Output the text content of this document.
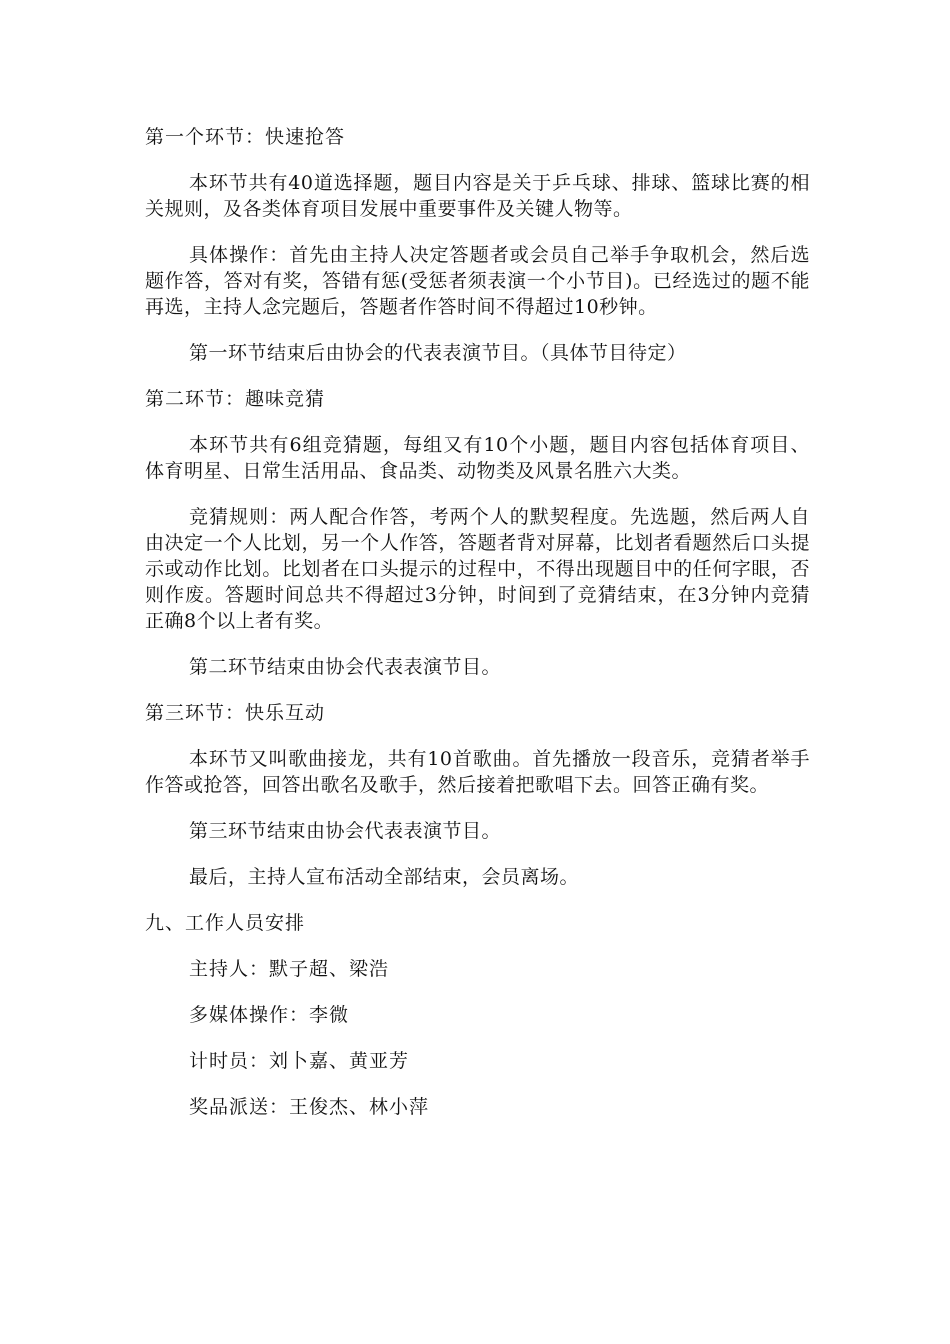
第一个环节：快速抢答
本环节共有40道选择题，题目内容是关于乒乓球、排球、篮球比赛的相关规则，及各类体育项目发展中重要事件及关键人物等。
具体操作：首先由主持人决定答题者或会员自己举手争取机会，然后选题作答，答对有奖，答错有惩(受惩者须表演一个小节目)。已经选过的题不能再选，主持人念完题后，答题者作答时间不得超过10秒钟。
第一环节结束后由协会的代表表演节目。（具体节目待定）
第二环节：趣味竞猜
本环节共有6组竞猜题，每组又有10个小题，题目内容包括体育项目、体育明星、日常生活用品、食品类、动物类及风景名胜六大类。
竞猜规则：两人配合作答，考两个人的默契程度。先选题，然后两人自由决定一个人比划，另一个人作答，答题者背对屏幕，比划者看题然后口头提示或动作比划。比划者在口头提示的过程中，不得出现题目中的任何字眼，否则作废。答题时间总共不得超过3分钟，时间到了竞猜结束，在3分钟内竞猜正确8个以上者有奖。
第二环节结束由协会代表表演节目。
第三环节：快乐互动
本环节又叫歌曲接龙，共有10首歌曲。首先播放一段音乐，竞猜者举手作答或抢答，回答出歌名及歌手，然后接着把歌唱下去。回答正确有奖。
第三环节结束由协会代表表演节目。
最后，主持人宣布活动全部结束，会员离场。
九、工作人员安排
主持人：默子超、梁浩
多媒体操作：李微
计时员：刘卜嘉、黄亚芳
奖品派送：王俊杰、林小萍
